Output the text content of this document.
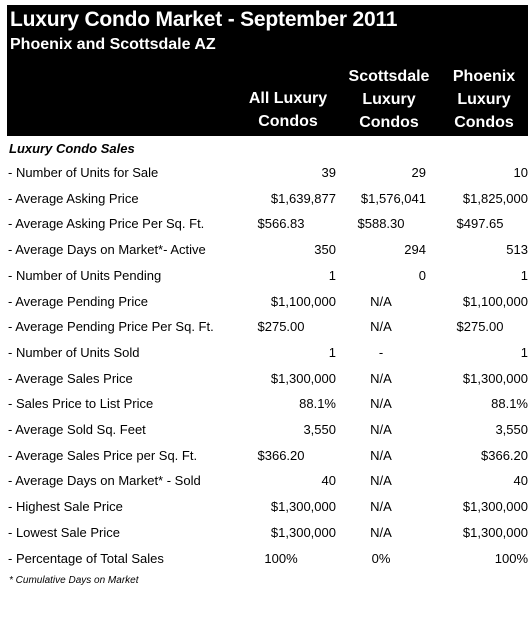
Luxury Condo Market - September 2011
Phoenix and Scottsdale AZ
All Luxury
Condos
Scottsdale
Luxury
Condos
Phoenix
Luxury
Condos
Luxury Condo Sales
- Number of Units for Sale	39	29	10
- Average Asking Price	$1,639,877 $1,576,041	$1,825,000
- Average Asking Price Per Sq. Ft.	$566.83	$588.30	$497.65
- Average Days on Market*- Active	350	294	513
- Number of Units Pending	1	0	1
- Average Pending Price	$1,100,000	N/A	$1,100,000
- Average Pending Price Per Sq. Ft.	$275.00	N/A	$275.00
- Number of Units Sold	1	-	1
- Average Sales Price	$1,300,000	N/A	$1,300,000
- Sales Price to List Price	88.1%	N/A	88.1%
- Average Sold Sq. Feet	3,550	N/A	3,550
- Average Sales Price per Sq. Ft.	$366.20	N/A	$366.20
- Average Days on Market* - Sold	40	N/A	40
- Highest Sale Price	$1,300,000	N/A	$1,300,000
- Lowest Sale Price	$1,300,000	N/A	$1,300,000
- Percentage of Total Sales	100%	0%	100%
* Cumulative Days on Market
